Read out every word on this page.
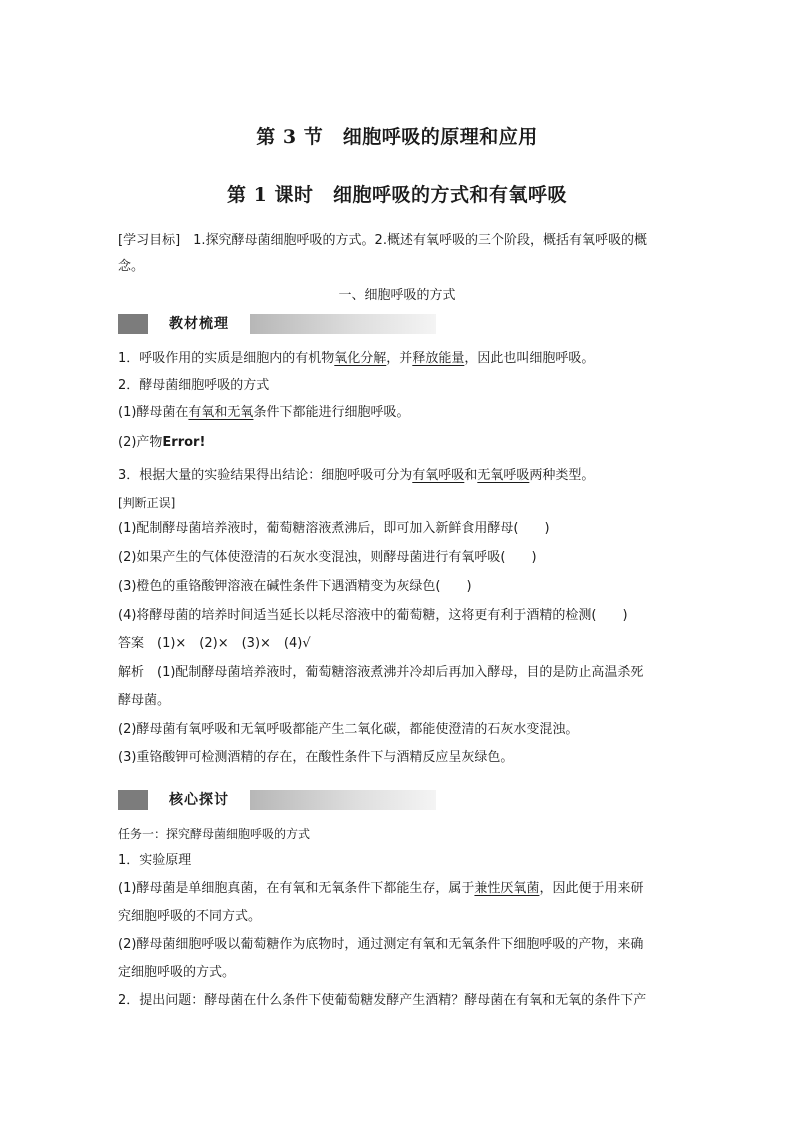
第 3 节　细胞呼吸的原理和应用
第 1 课时　细胞呼吸的方式和有氧呼吸
[学习目标]　1.探究酵母菌细胞呼吸的方式。2.概述有氧呼吸的三个阶段，概括有氧呼吸的概
念。
一、细胞呼吸的方式
教材梳理
1．呼吸作用的实质是细胞内的有机物氧化分解，并释放能量，因此也叫细胞呼吸。
2．酵母菌细胞呼吸的方式
(1)酵母菌在有氧和无氧条件下都能进行细胞呼吸。
(2)产物Error!
3．根据大量的实验结果得出结论：细胞呼吸可分为有氧呼吸和无氧呼吸两种类型。
[判断正误]
(1)配制酵母菌培养液时，葡萄糖溶液煮沸后，即可加入新鲜食用酵母(　　)
(2)如果产生的气体使澄清的石灰水变混浊，则酵母菌进行有氧呼吸(　　)
(3)橙色的重铬酸钾溶液在碱性条件下遇酒精变为灰绿色(　　)
(4)将酵母菌的培养时间适当延长以耗尽溶液中的葡萄糖，这将更有利于酒精的检测(　　)
答案　(1)×　(2)×　(3)×　(4)√
解析　(1)配制酵母菌培养液时，葡萄糖溶液煮沸并冷却后再加入酵母，目的是防止高温杀死
酵母菌。
(2)酵母菌有氧呼吸和无氧呼吸都能产生二氧化碳，都能使澄清的石灰水变混浊。
(3)重铬酸钾可检测酒精的存在，在酸性条件下与酒精反应呈灰绿色。
核心探讨
任务一：探究酵母菌细胞呼吸的方式
1．实验原理
(1)酵母菌是单细胞真菌，在有氧和无氧条件下都能生存，属于兼性厌氧菌，因此便于用来研
究细胞呼吸的不同方式。
(2)酵母菌细胞呼吸以葡萄糖作为底物时，通过测定有氧和无氧条件下细胞呼吸的产物，来确
定细胞呼吸的方式。
2．提出问题：酵母菌在什么条件下使葡萄糖发酵产生酒精？酵母菌在有氧和无氧的条件下产
